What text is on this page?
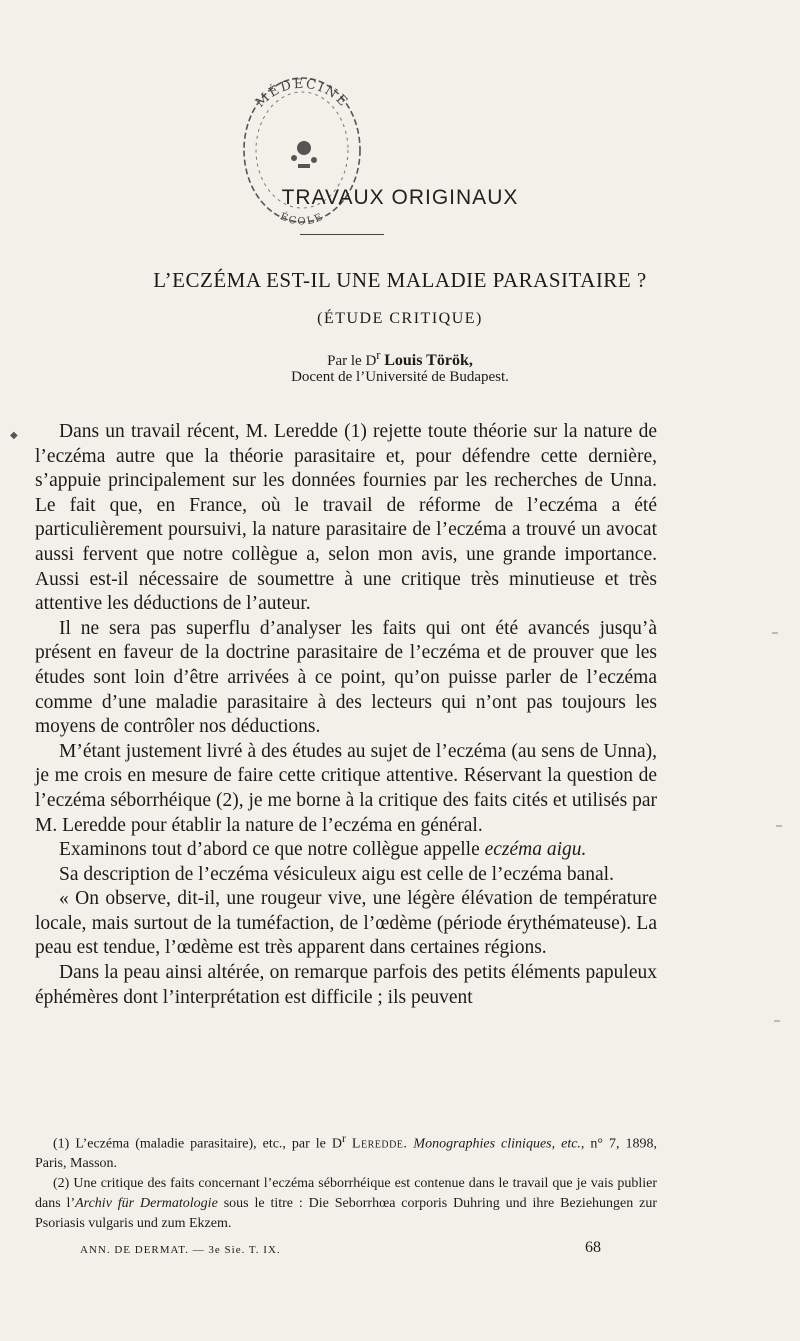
MÉDECINE
ÉCOLE
TRAVAUX ORIGINAUX
L’ECZÉMA EST-IL UNE MALADIE PARASITAIRE ?
(ÉTUDE CRITIQUE)
Par le $D^r$ Louis Török,
Docent de l’Université de Budapest.
◆	Dans un travail récent, M. Leredde (1) rejette toute théorie sur la nature de l’eczéma autre que la théorie parasitaire et, pour défendre cette dernière, s’appuie principalement sur les données fournies par les recherches de Unna. Le fait que, en France, où le travail de réforme de l’eczéma a été particulièrement poursuivi, la nature parasitaire de l’eczéma a trouvé un avocat aussi fervent que notre collègue a, selon mon avis, une grande importance. Aussi est-il nécessaire de soumettre à une critique très minutieuse et très attentive les déductions de l’auteur.

Il ne sera pas superflu d’analyser les faits qui ont été avancés jusqu’à présent en faveur de la doctrine parasitaire de l’eczéma et de prouver que les études sont loin d’être arrivées à ce point, qu’on puisse parler de l’eczéma comme d’une maladie parasitaire à des lecteurs qui n’ont pas toujours les moyens de contrôler nos déductions.

M’étant justement livré à des études au sujet de l’eczéma (au sens de Unna), je me crois en mesure de faire cette critique attentive. Réservant la question de l’eczéma séborrhéique (2), je me borne à la critique des faits cités et utilisés par M. Leredde pour établir la nature de l’eczéma en général.

Examinons tout d’abord ce que notre collègue appelle eczéma aigu.

Sa description de l’eczéma vésiculeux aigu est celle de l’eczéma banal.

« On observe, dit-il, une rougeur vive, une légère élévation de température locale, mais surtout de la tuméfaction, de l’œdème (période érythémateuse). La peau est tendue, l’œdème est très apparent dans certaines régions.

Dans la peau ainsi altérée, on remarque parfois des petits éléments papuleux éphémères dont l’interprétation est difficile ; ils peuvent

(1) L’eczéma (maladie parasitaire), etc., par le $D^r$ Leredde. Monographies cliniques, etc., n° 7, 1898, Paris, Masson.

(2) Une critique des faits concernant l’eczéma séborrhéique est contenue dans le travail que je vais publier dans l’Archiv für Dermatologie sous le titre : Die Seborrhœa corporis Duhring und ihre Beziehungen zur Psoriasis vulgaris und zum Ekzem.

ANN. DE DERMAT. — 3e Sie. T. IX.	68
